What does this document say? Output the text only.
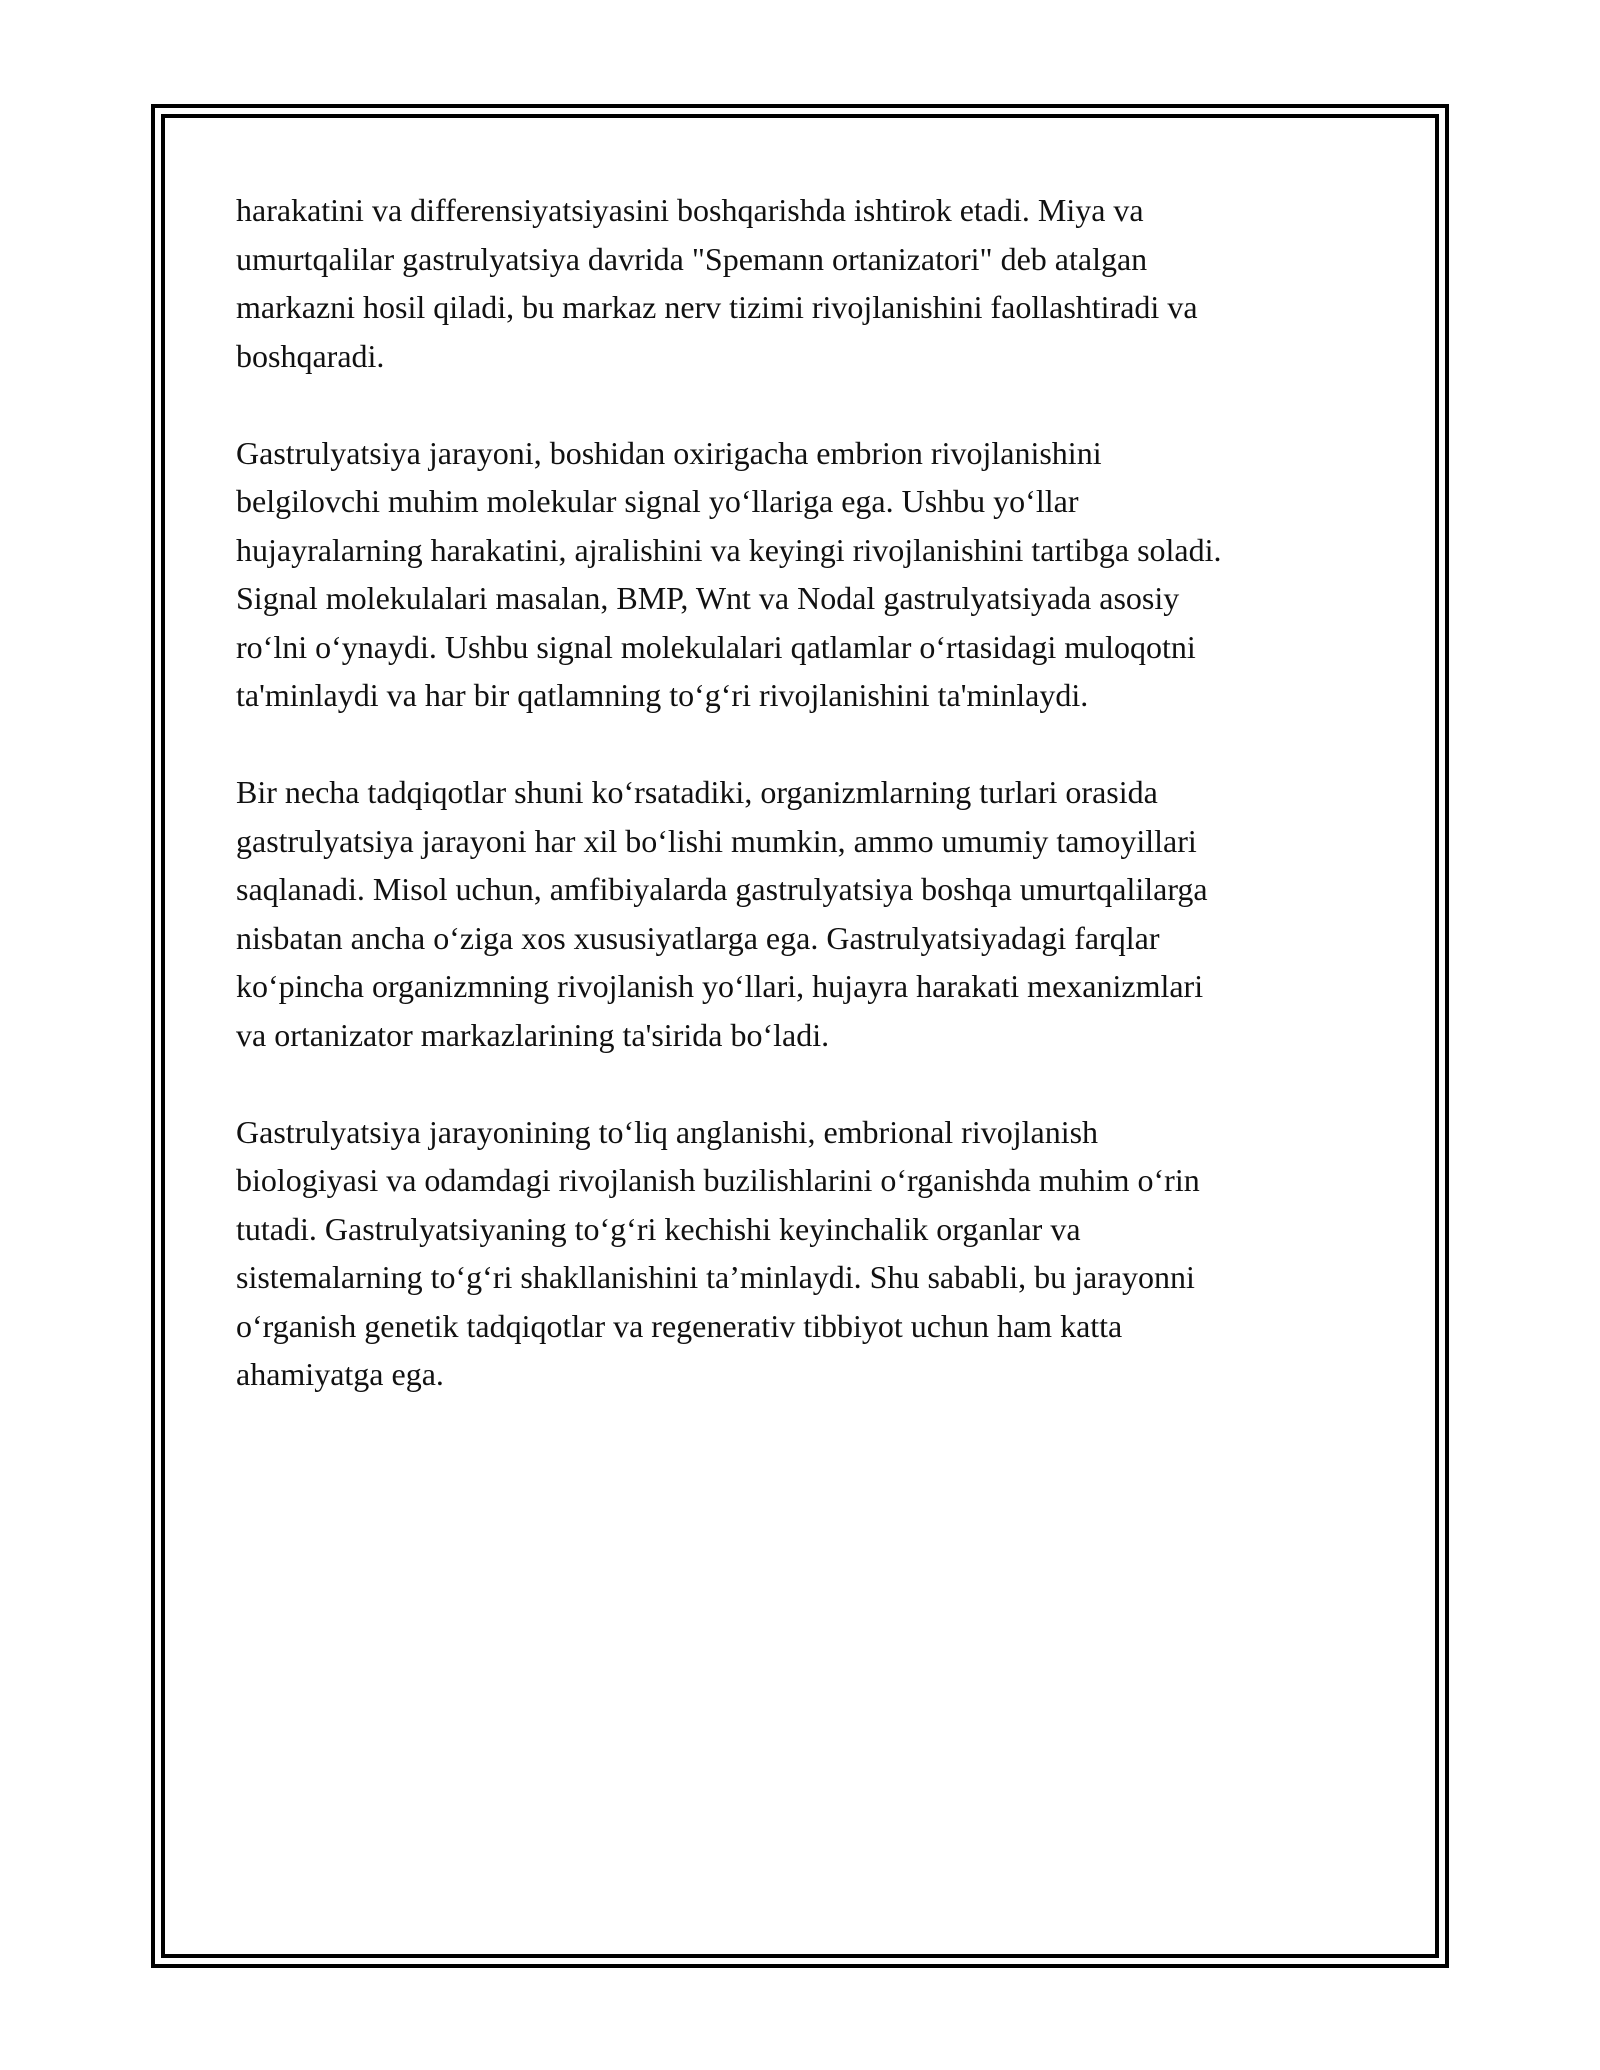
harakatini va differensiyatsiyasini boshqarishda ishtirok etadi. Miya va
umurtqalilar gastrulyatsiya davrida "Spemann ortanizatori" deb atalgan
markazni hosil qiladi, bu markaz nerv tizimi rivojlanishini faollashtiradi va
boshqaradi.

Gastrulyatsiya jarayoni, boshidan oxirigacha embrion rivojlanishini
belgilovchi muhim molekular signal yo‘llariga ega. Ushbu yo‘llar
hujayralarning harakatini, ajralishini va keyingi rivojlanishini tartibga soladi.
Signal molekulalari masalan, BMP, Wnt va Nodal gastrulyatsiyada asosiy
ro‘lni o‘ynaydi. Ushbu signal molekulalari qatlamlar o‘rtasidagi muloqotni
ta'minlaydi va har bir qatlamning to‘g‘ri rivojlanishini ta'minlaydi.

Bir necha tadqiqotlar shuni ko‘rsatadiki, organizmlarning turlari orasida
gastrulyatsiya jarayoni har xil bo‘lishi mumkin, ammo umumiy tamoyillari
saqlanadi. Misol uchun, amfibiyalarda gastrulyatsiya boshqa umurtqalilarga
nisbatan ancha o‘ziga xos xususiyatlarga ega. Gastrulyatsiyadagi farqlar
ko‘pincha organizmning rivojlanish yo‘llari, hujayra harakati mexanizmlari
va ortanizator markazlarining ta'sirida bo‘ladi.

Gastrulyatsiya jarayonining to‘liq anglanishi, embrional rivojlanish
biologiyasi va odamdagi rivojlanish buzilishlarini o‘rganishda muhim o‘rin
tutadi. Gastrulyatsiyaning to‘g‘ri kechishi keyinchalik organlar va
sistemalarning to‘g‘ri shakllanishini ta’minlaydi. Shu sababli, bu jarayonni
o‘rganish genetik tadqiqotlar va regenerativ tibbiyot uchun ham katta
ahamiyatga ega.
